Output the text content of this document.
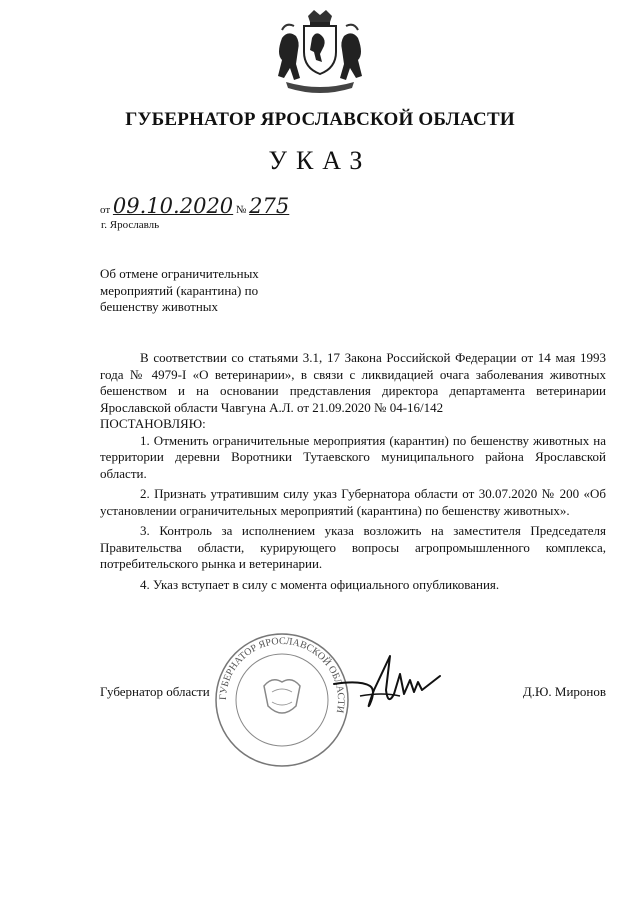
ГУБЕРНАТОР ЯРОСЛАВСКОЙ ОБЛАСТИ
УКАЗ
от 09.10.2020 № 275
г. Ярославль
Об отмене ограничительных
мероприятий (карантина) по
бешенству животных

В соответствии со статьями 3.1, 17 Закона Российской Федерации от 14 мая 1993 года № 4979-I «О ветеринарии», в связи с ликвидацией очага заболевания животных бешенством и на основании представления директора департамента ветеринарии Ярославской области Чавгуна А.Л. от 21.09.2020 № 04-16/142

ПОСТАНОВЛЯЮ:

1. Отменить ограничительные мероприятия (карантин) по бешенству животных на территории деревни Воротники Тутаевского муниципального района Ярославской области.

2. Признать утратившим силу указ Губернатора области от 30.07.2020 № 200 «Об установлении ограничительных мероприятий (карантина) по бешенству животных».

3. Контроль за исполнением указа возложить на заместителя Председателя Правительства области, курирующего вопросы агропромышленного комплекса, потребительского рынка и ветеринарии.

4. Указ вступает в силу с момента официального опубликования.

ГУБЕРНАТОР ЯРОСЛАВСКОЙ ОБЛАСТИ
Губернатор области	Д.Ю. Миронов
